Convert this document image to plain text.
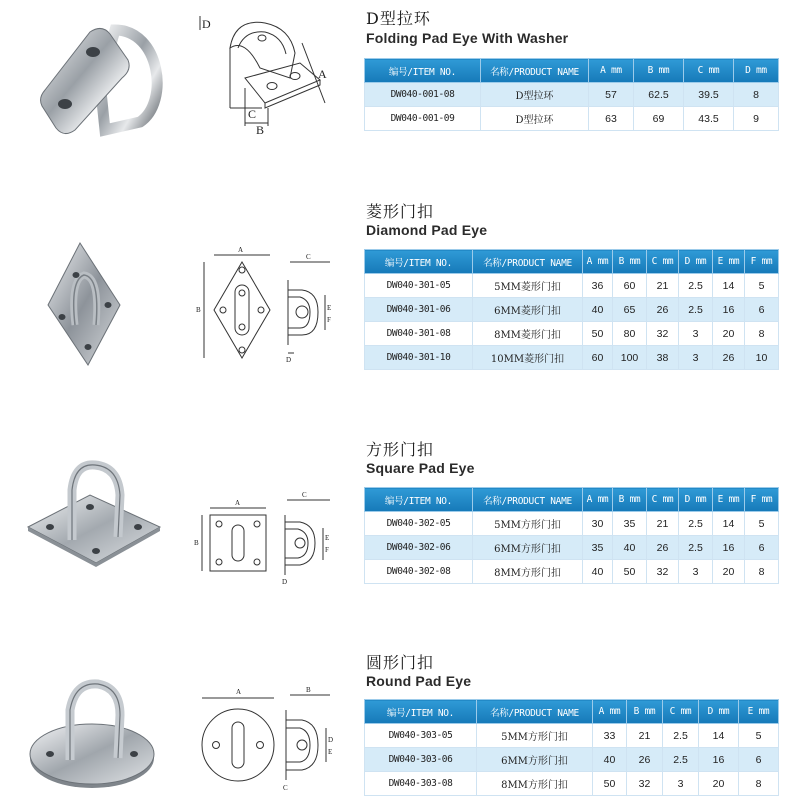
D
A
C
B
D型拉环
Folding Pad Eye With Washer
编号/ITEM NO.	名称/PRODUCT NAME	A mm	B mm	C mm	D mm
DW040-001-08	D型拉环	57	62.5	39.5	8
DW040-001-09	D型拉环	63	69	43.5	9
A
B
C
D
E
F
菱形门扣
Diamond Pad Eye
编号/ITEM NO.	名称/PRODUCT NAME	A mm	B mm	C mm	D mm	E mm	F mm
DW040-301-05	5MM菱形门扣	36	60	21	2.5	14	5
DW040-301-06	6MM菱形门扣	40	65	26	2.5	16	6
DW040-301-08	8MM菱形门扣	50	80	32	3	20	8
DW040-301-10	10MM菱形门扣	60	100	38	3	26	10
A
B
C
D
E
F
方形门扣
Square Pad Eye
编号/ITEM NO.	名称/PRODUCT NAME	A mm	B mm	C mm	D mm	E mm	F mm
DW040-302-05	5MM方形门扣	30	35	21	2.5	14	5
DW040-302-06	6MM方形门扣	35	40	26	2.5	16	6
DW040-302-08	8MM方形门扣	40	50	32	3	20	8
A	B
C
D
E
圆形门扣
Round Pad Eye
编号/ITEM NO.	名称/PRODUCT NAME	A mm	B mm	C mm	D mm	E mm
DW040-303-05	5MM方形门扣	33	21	2.5	14	5
DW040-303-06	6MM方形门扣	40	26	2.5	16	6
DW040-303-08	8MM方形门扣	50	32	3	20	8
